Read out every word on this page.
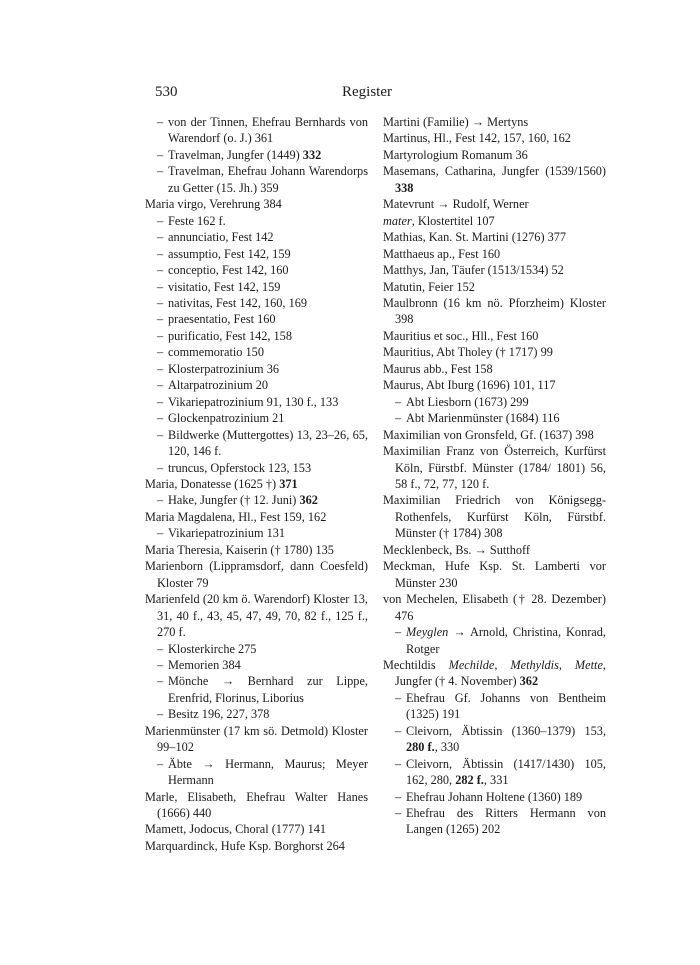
530	Register
– von der Tinnen, Ehefrau Bernhards von Warendorf (o. J.) 361
– Travelman, Jungfer (1449) 332
– Travelman, Ehefrau Johann Warendorps zu Getter (15. Jh.) 359
Maria virgo, Verehrung 384
– Feste 162 f.
– annunciatio, Fest 142
– assumptio, Fest 142, 159
– conceptio, Fest 142, 160
– visitatio, Fest 142, 159
– nativitas, Fest 142, 160, 169
– praesentatio, Fest 160
– purificatio, Fest 142, 158
– commemoratio 150
– Klosterpatrozinium 36
– Altarpatrozinium 20
– Vikariepatrozinium 91, 130 f., 133
– Glockenpatrozinium 21
– Bildwerke (Muttergottes) 13, 23–26, 65, 120, 146 f.
– truncus, Opferstock 123, 153
Maria, Donatesse (1625 †) 371
– Hake, Jungfer († 12. Juni) 362
Maria Magdalena, Hl., Fest 159, 162
– Vikariepatrozinium 131
Maria Theresia, Kaiserin († 1780) 135
Marienborn (Lippramsdorf, dann Coesfeld) Kloster 79
Marienfeld (20 km ö. Warendorf) Kloster 13, 31, 40 f., 43, 45, 47, 49, 70, 82 f., 125 f., 270 f.
– Klosterkirche 275
– Memorien 384
– Mönche → Bernhard zur Lippe, Erenfrid, Florinus, Liborius
– Besitz 196, 227, 378
Marienmünster (17 km sö. Detmold) Kloster 99–102
– Äbte → Hermann, Maurus; Meyer Hermann
Marle, Elisabeth, Ehefrau Walter Hanes (1666) 440
Mamett, Jodocus, Choral (1777) 141
Marquardinck, Hufe Ksp. Borghorst 264
Martini (Familie) → Mertyns
Martinus, Hl., Fest 142, 157, 160, 162
Martyrologium Romanum 36
Masemans, Catharina, Jungfer (1539/1560) 338
Matevrunt → Rudolf, Werner
mater, Klostertitel 107
Mathias, Kan. St. Martini (1276) 377
Matthaeus ap., Fest 160
Matthys, Jan, Täufer (1513/1534) 52
Matutin, Feier 152
Maulbronn (16 km nö. Pforzheim) Kloster 398
Mauritius et soc., Hll., Fest 160
Mauritius, Abt Tholey († 1717) 99
Maurus abb., Fest 158
Maurus, Abt Iburg (1696) 101, 117
– Abt Liesborn (1673) 299
– Abt Marienmünster (1684) 116
Maximilian von Gronsfeld, Gf. (1637) 398
Maximilian Franz von Österreich, Kurfürst Köln, Fürstbf. Münster (1784/ 1801) 56, 58 f., 72, 77, 120 f.
Maximilian Friedrich von Königsegg-Rothenfels, Kurfürst Köln, Fürstbf. Münster († 1784) 308
Mecklenbeck, Bs. → Sutthoff
Meckman, Hufe Ksp. St. Lamberti vor Münster 230
von Mechelen, Elisabeth († 28. Dezember) 476
– Meyglen → Arnold, Christina, Konrad, Rotger
Mechtildis Mechilde, Methyldis, Mette, Jungfer († 4. November) 362
– Ehefrau Gf. Johanns von Bentheim (1325) 191
– Cleivorn, Äbtissin (1360–1379) 153, 280 f., 330
– Cleivorn, Äbtissin (1417/1430) 105, 162, 280, 282 f., 331
– Ehefrau Johann Holtene (1360) 189
– Ehefrau des Ritters Hermann von Langen (1265) 202
